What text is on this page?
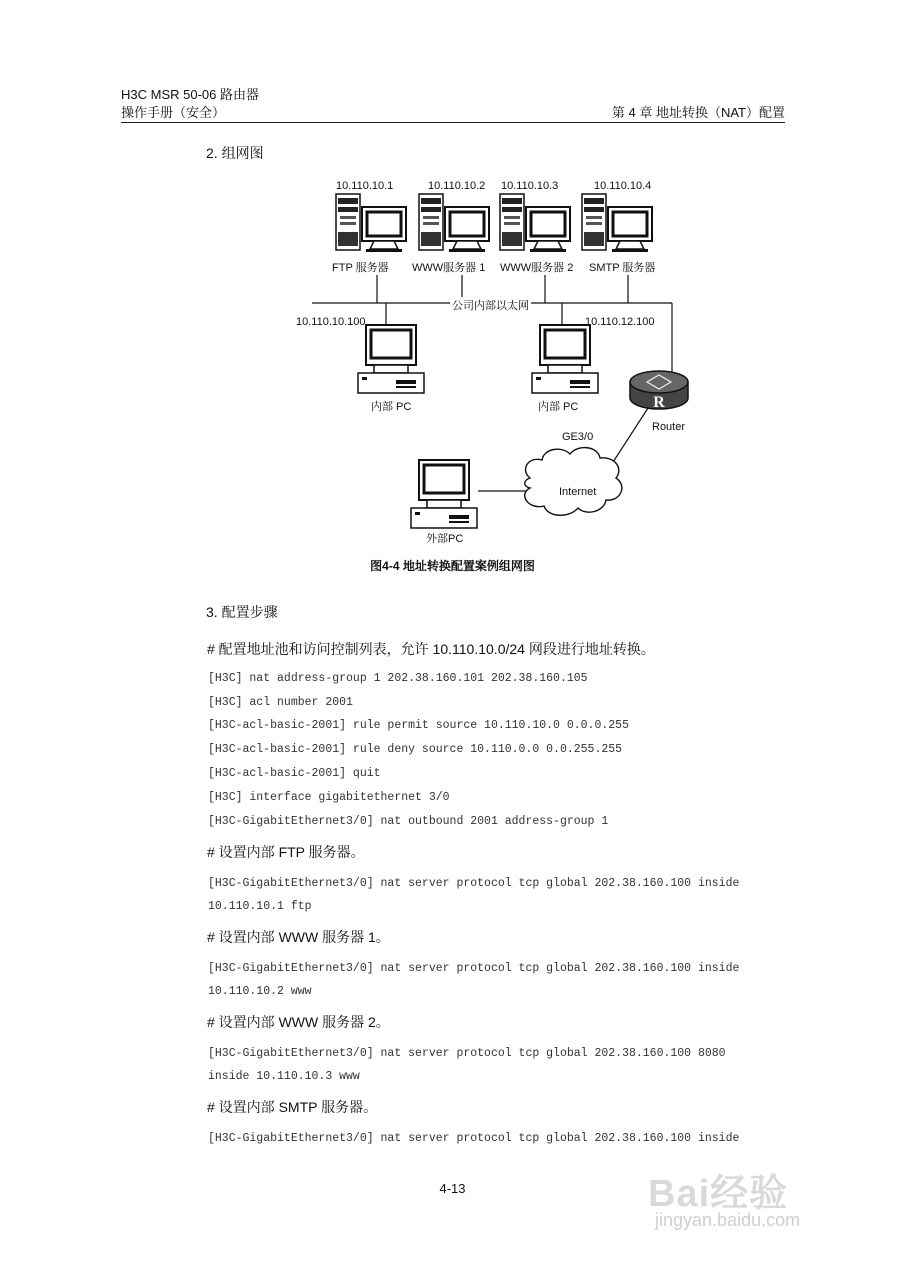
H3C MSR 50-06 路由器
操作手册（安全）	第 4 章 地址转换（NAT）配置
2. 组网图
R
10.110.10.1	10.110.10.2 10.110.10.3	10.110.10.4
FTP 服务器 WWW服务器 1 WWW服务器 2 SMTP 服务器
公司内部以太网
10.110.10.100	10.110.12.100
内部 PC	内部 PC
Router
GE3/0
Internet
外部PC
图4-4 地址转换配置案例组网图
3. 配置步骤
# 配置地址池和访问控制列表，允许 10.110.10.0/24 网段进行地址转换。
[H3C] nat address-group 1 202.38.160.101 202.38.160.105
[H3C] acl number 2001
[H3C-acl-basic-2001] rule permit source 10.110.10.0 0.0.0.255
[H3C-acl-basic-2001] rule deny source 10.110.0.0 0.0.255.255
[H3C-acl-basic-2001] quit
[H3C] interface gigabitethernet 3/0
[H3C-GigabitEthernet3/0] nat outbound 2001 address-group 1
# 设置内部 FTP 服务器。
[H3C-GigabitEthernet3/0] nat server protocol tcp global 202.38.160.100 inside
10.110.10.1 ftp
# 设置内部 WWW 服务器 1。
[H3C-GigabitEthernet3/0] nat server protocol tcp global 202.38.160.100 inside
10.110.10.2 www
# 设置内部 WWW 服务器 2。
[H3C-GigabitEthernet3/0] nat server protocol tcp global 202.38.160.100 8080
inside 10.110.10.3 www
# 设置内部 SMTP 服务器。
[H3C-GigabitEthernet3/0] nat server protocol tcp global 202.38.160.100 inside
4-13	Bai经验
jingyan.baidu.com
